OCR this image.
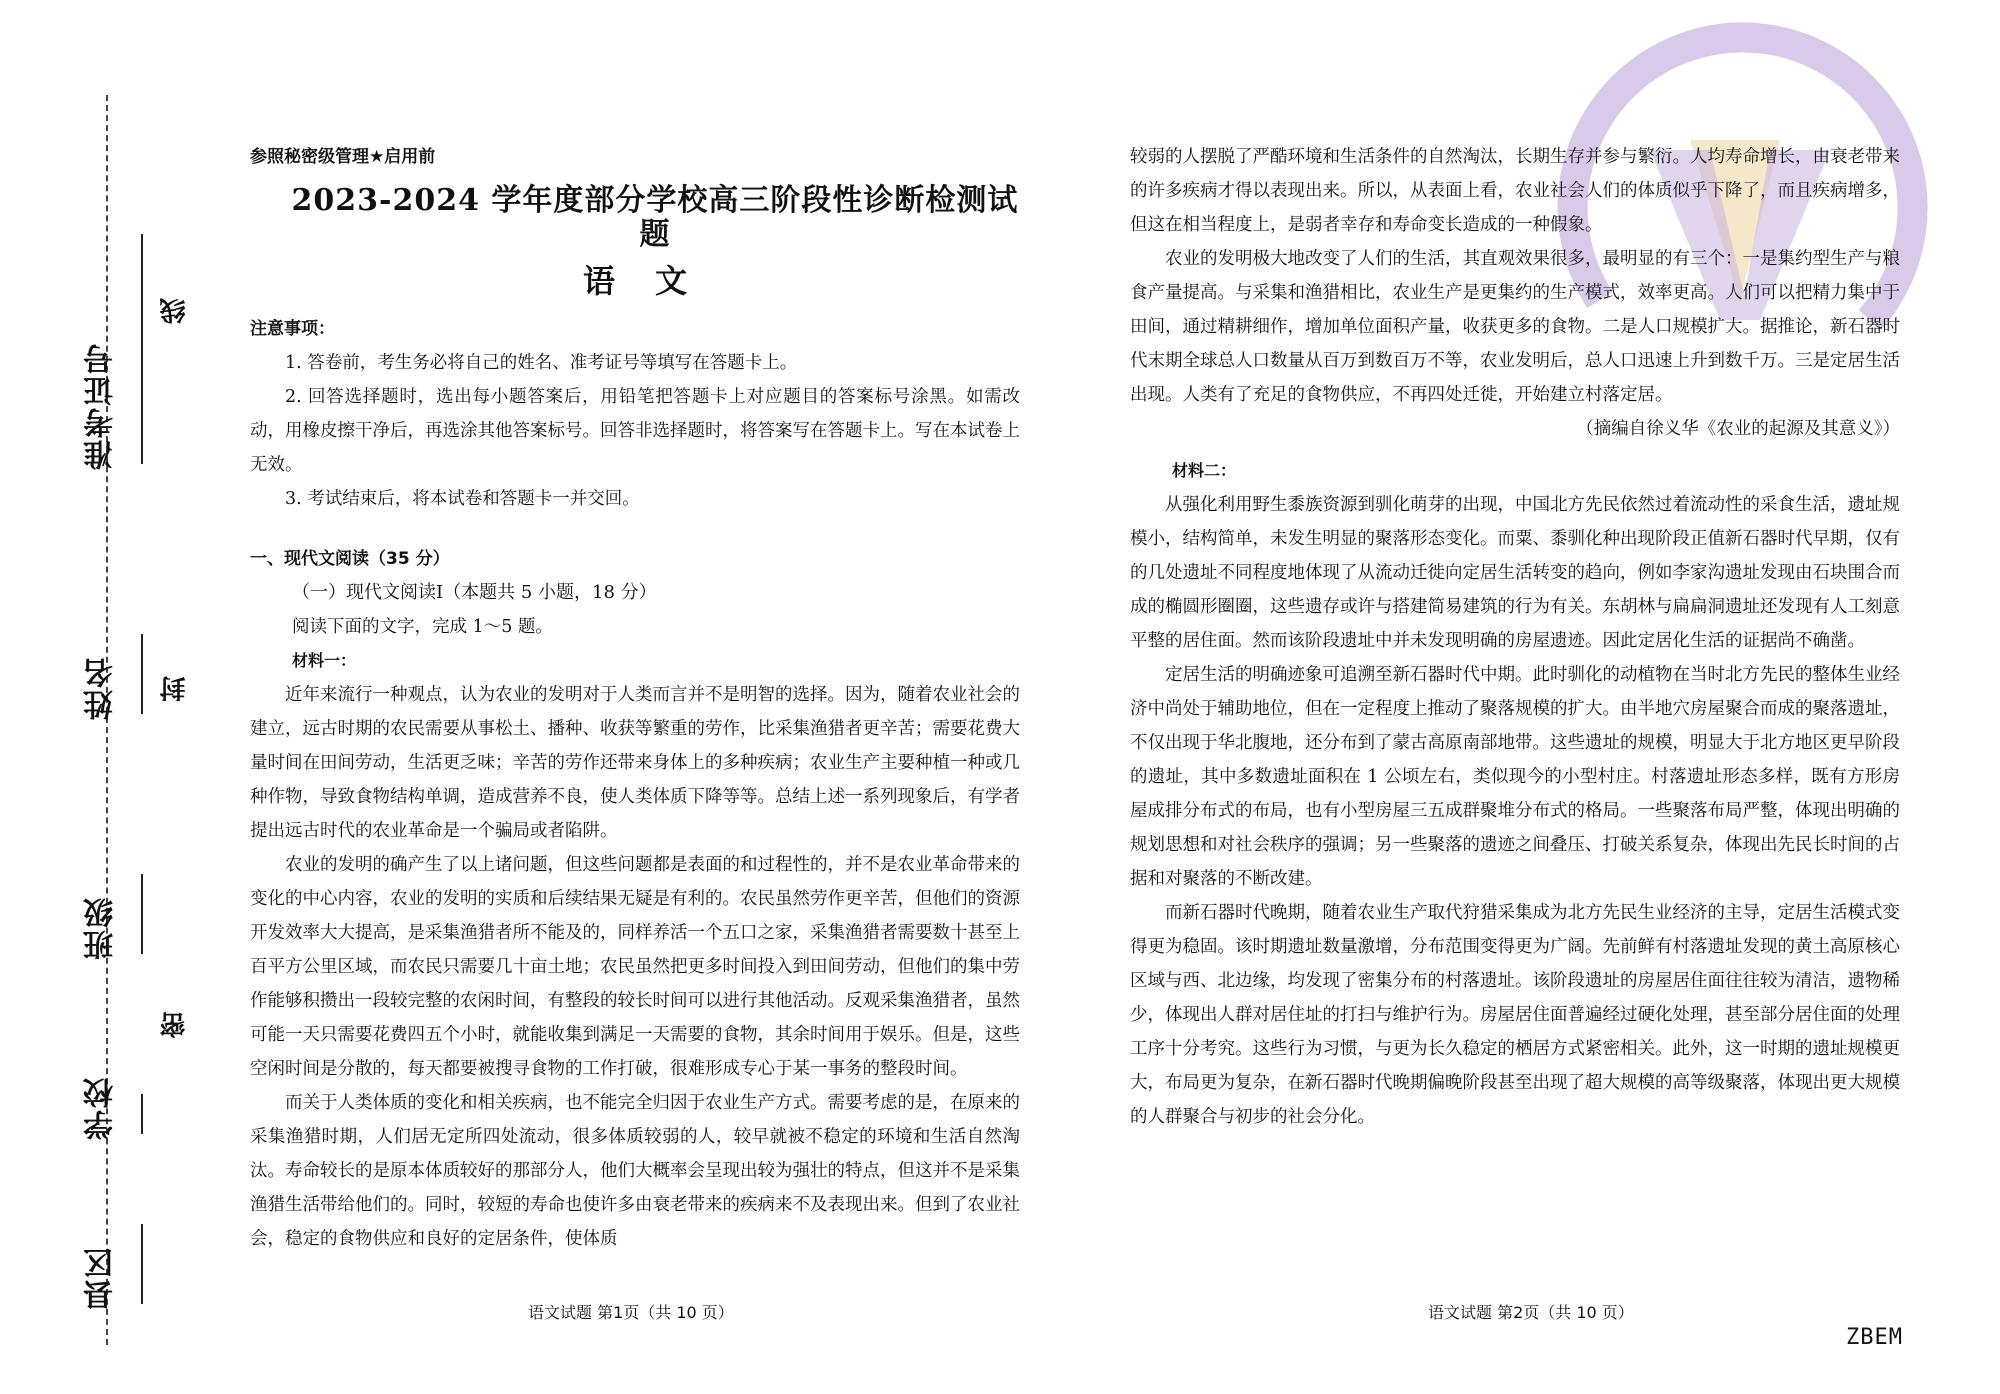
准考证号
姓名
班级
学校
县区
线
封
密
参照秘密级管理★启用前
2023-2024 学年度部分学校高三阶段性诊断检测试题
语文
注意事项：

1. 答卷前，考生务必将自己的姓名、准考证号等填写在答题卡上。

2. 回答选择题时，选出每小题答案后，用铅笔把答题卡上对应题目的答案标号涂黑。如需改动，用橡皮擦干净后，再选涂其他答案标号。回答非选择题时，将答案写在答题卡上。写在本试卷上无效。

3. 考试结束后，将本试卷和答题卡一并交回。

一、现代文阅读（35 分）
（一）现代文阅读Ⅰ（本题共 5 小题，18 分）
阅读下面的文字，完成 1～5 题。
材料一：

近年来流行一种观点，认为农业的发明对于人类而言并不是明智的选择。因为，随着农业社会的建立，远古时期的农民需要从事松土、播种、收获等繁重的劳作，比采集渔猎者更辛苦；需要花费大量时间在田间劳动，生活更乏味；辛苦的劳作还带来身体上的多种疾病；农业生产主要种植一种或几种作物，导致食物结构单调，造成营养不良，使人类体质下降等等。总结上述一系列现象后，有学者提出远古时代的农业革命是一个骗局或者陷阱。

农业的发明的确产生了以上诸问题，但这些问题都是表面的和过程性的，并不是农业革命带来的变化的中心内容，农业的发明的实质和后续结果无疑是有利的。农民虽然劳作更辛苦，但他们的资源开发效率大大提高，是采集渔猎者所不能及的，同样养活一个五口之家，采集渔猎者需要数十甚至上百平方公里区域，而农民只需要几十亩土地；农民虽然把更多时间投入到田间劳动，但他们的集中劳作能够积攒出一段较完整的农闲时间，有整段的较长时间可以进行其他活动。反观采集渔猎者，虽然可能一天只需要花费四五个小时，就能收集到满足一天需要的食物，其余时间用于娱乐。但是，这些空闲时间是分散的，每天都要被搜寻食物的工作打破，很难形成专心于某一事务的整段时间。

而关于人类体质的变化和相关疾病，也不能完全归因于农业生产方式。需要考虑的是，在原来的采集渔猎时期，人们居无定所四处流动，很多体质较弱的人，较早就被不稳定的环境和生活自然淘汰。寿命较长的是原本体质较好的那部分人，他们大概率会呈现出较为强壮的特点，但这并不是采集渔猎生活带给他们的。同时，较短的寿命也使许多由衰老带来的疾病来不及表现出来。但到了农业社会，稳定的食物供应和良好的定居条件，使体质

较弱的人摆脱了严酷环境和生活条件的自然淘汰，长期生存并参与繁衍。人均寿命增长，由衰老带来的许多疾病才得以表现出来。所以，从表面上看，农业社会人们的体质似乎下降了，而且疾病增多，但这在相当程度上，是弱者幸存和寿命变长造成的一种假象。

农业的发明极大地改变了人们的生活，其直观效果很多，最明显的有三个：一是集约型生产与粮食产量提高。与采集和渔猎相比，农业生产是更集约的生产模式，效率更高。人们可以把精力集中于田间，通过精耕细作，增加单位面积产量，收获更多的食物。二是人口规模扩大。据推论，新石器时代末期全球总人口数量从百万到数百万不等，农业发明后，总人口迅速上升到数千万。三是定居生活出现。人类有了充足的食物供应，不再四处迁徙，开始建立村落定居。

（摘编自徐义华《农业的起源及其意义》）

材料二：

从强化利用野生黍族资源到驯化萌芽的出现，中国北方先民依然过着流动性的采食生活，遗址规模小，结构简单，未发生明显的聚落形态变化。而粟、黍驯化种出现阶段正值新石器时代早期，仅有的几处遗址不同程度地体现了从流动迁徙向定居生活转变的趋向，例如李家沟遗址发现由石块围合而成的椭圆形圈圈，这些遗存或许与搭建简易建筑的行为有关。东胡林与扁扁洞遗址还发现有人工刻意平整的居住面。然而该阶段遗址中并未发现明确的房屋遗迹。因此定居化生活的证据尚不确凿。

定居生活的明确迹象可追溯至新石器时代中期。此时驯化的动植物在当时北方先民的整体生业经济中尚处于辅助地位，但在一定程度上推动了聚落规模的扩大。由半地穴房屋聚合而成的聚落遗址，不仅出现于华北腹地，还分布到了蒙古高原南部地带。这些遗址的规模，明显大于北方地区更早阶段的遗址，其中多数遗址面积在 1 公顷左右，类似现今的小型村庄。村落遗址形态多样，既有方形房屋成排分布式的布局，也有小型房屋三五成群聚堆分布式的格局。一些聚落布局严整，体现出明确的规划思想和对社会秩序的强调；另一些聚落的遗迹之间叠压、打破关系复杂，体现出先民长时间的占据和对聚落的不断改建。

而新石器时代晚期，随着农业生产取代狩猎采集成为北方先民生业经济的主导，定居生活模式变得更为稳固。该时期遗址数量激增，分布范围变得更为广阔。先前鲜有村落遗址发现的黄土高原核心区域与西、北边缘，均发现了密集分布的村落遗址。该阶段遗址的房屋居住面往往较为清洁，遗物稀少，体现出人群对居住址的打扫与维护行为。房屋居住面普遍经过硬化处理，甚至部分居住面的处理工序十分考究。这些行为习惯，与更为长久稳定的栖居方式紧密相关。此外，这一时期的遗址规模更大，布局更为复杂，在新石器时代晚期偏晚阶段甚至出现了超大规模的高等级聚落，体现出更大规模的人群聚合与初步的社会分化。

语文试题 第1页（共 10 页）	语文试题 第2页（共 10 页）
ZBEM
